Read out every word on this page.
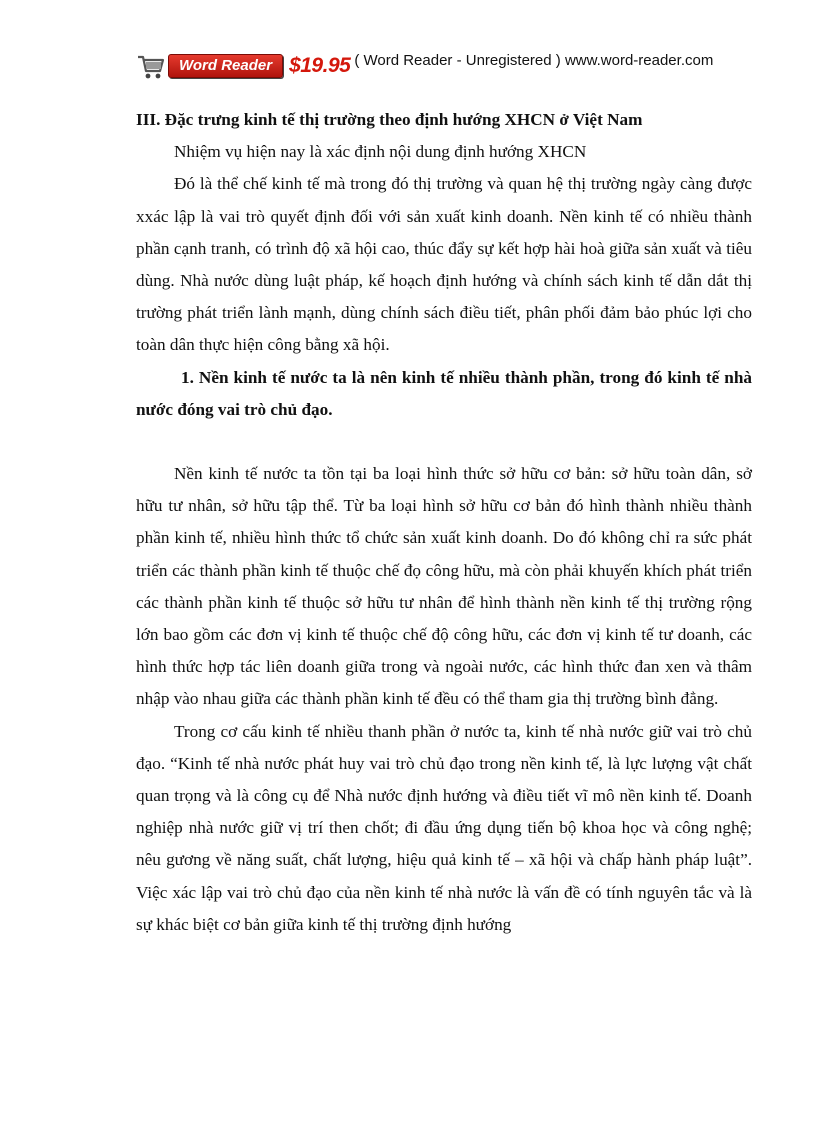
Word Reader $19.95 ( Word Reader - Unregistered ) www.word-reader.com

III. Đặc trưng kinh tế thị trường theo định hướng XHCN ở Việt Nam

Nhiệm vụ hiện nay là xác định nội dung định hướng XHCN

Đó là thể chế kinh tế mà trong đó thị trường và quan hệ thị trường ngày càng được xxác lập là vai trò quyết định đối với sản xuất kinh doanh. Nền kinh tế có nhiều thành phần cạnh tranh, có trình độ xã hội cao, thúc đẩy sự kết hợp hài hoà giữa sản xuất và tiêu dùng. Nhà nước dùng luật pháp, kế hoạch định hướng và chính sách kinh tế dẫn dắt thị trường phát triển lành mạnh, dùng chính sách điều tiết, phân phối đảm bảo phúc lợi cho toàn dân thực hiện công bằng xã hội.

1. Nền kinh tế nước ta là nên kinh tế nhiều thành phần, trong đó kinh tế nhà nước đóng vai trò chủ đạo.

Nền kinh tế nước ta tồn tại ba loại hình thức sở hữu cơ bản: sở hữu toàn dân, sở hữu tư nhân, sở hữu tập thể. Từ ba loại hình sở hữu cơ bản đó hình thành nhiều thành phần kinh tế, nhiều hình thức tổ chức sản xuất kinh doanh. Do đó không chỉ ra sức phát triển các thành phần kinh tế thuộc chế đọ công hữu, mà còn phải khuyến khích phát triển các thành phần kinh tế thuộc sở hữu tư nhân để hình thành nền kinh tế thị trường rộng lớn bao gồm các đơn vị kinh tế thuộc chế độ công hữu, các đơn vị kinh tế tư doanh, các hình thức hợp tác liên doanh giữa trong và ngoài nước, các hình thức đan xen và thâm nhập vào nhau giữa các thành phần kinh tế đều có thể tham gia thị trường bình đẳng.

Trong cơ cấu kinh tế nhiều thanh phần ở nước ta, kinh tế nhà nước giữ vai trò chủ đạo. “Kinh tế nhà nước phát huy vai trò chủ đạo trong nền kinh tế, là lực lượng vật chất quan trọng và là công cụ để Nhà nước định hướng và điều tiết vĩ mô nền kinh tế. Doanh nghiệp nhà nước giữ vị trí then chốt; đi đầu ứng dụng tiến bộ khoa học và công nghệ; nêu gương về năng suất, chất lượng, hiệu quả kinh tế – xã hội và chấp hành pháp luật”. Việc xác lập vai trò chủ đạo của nền kinh tế nhà nước là vấn đề có tính nguyên tắc và là sự khác biệt cơ bản giữa kinh tế thị trường định hướng
